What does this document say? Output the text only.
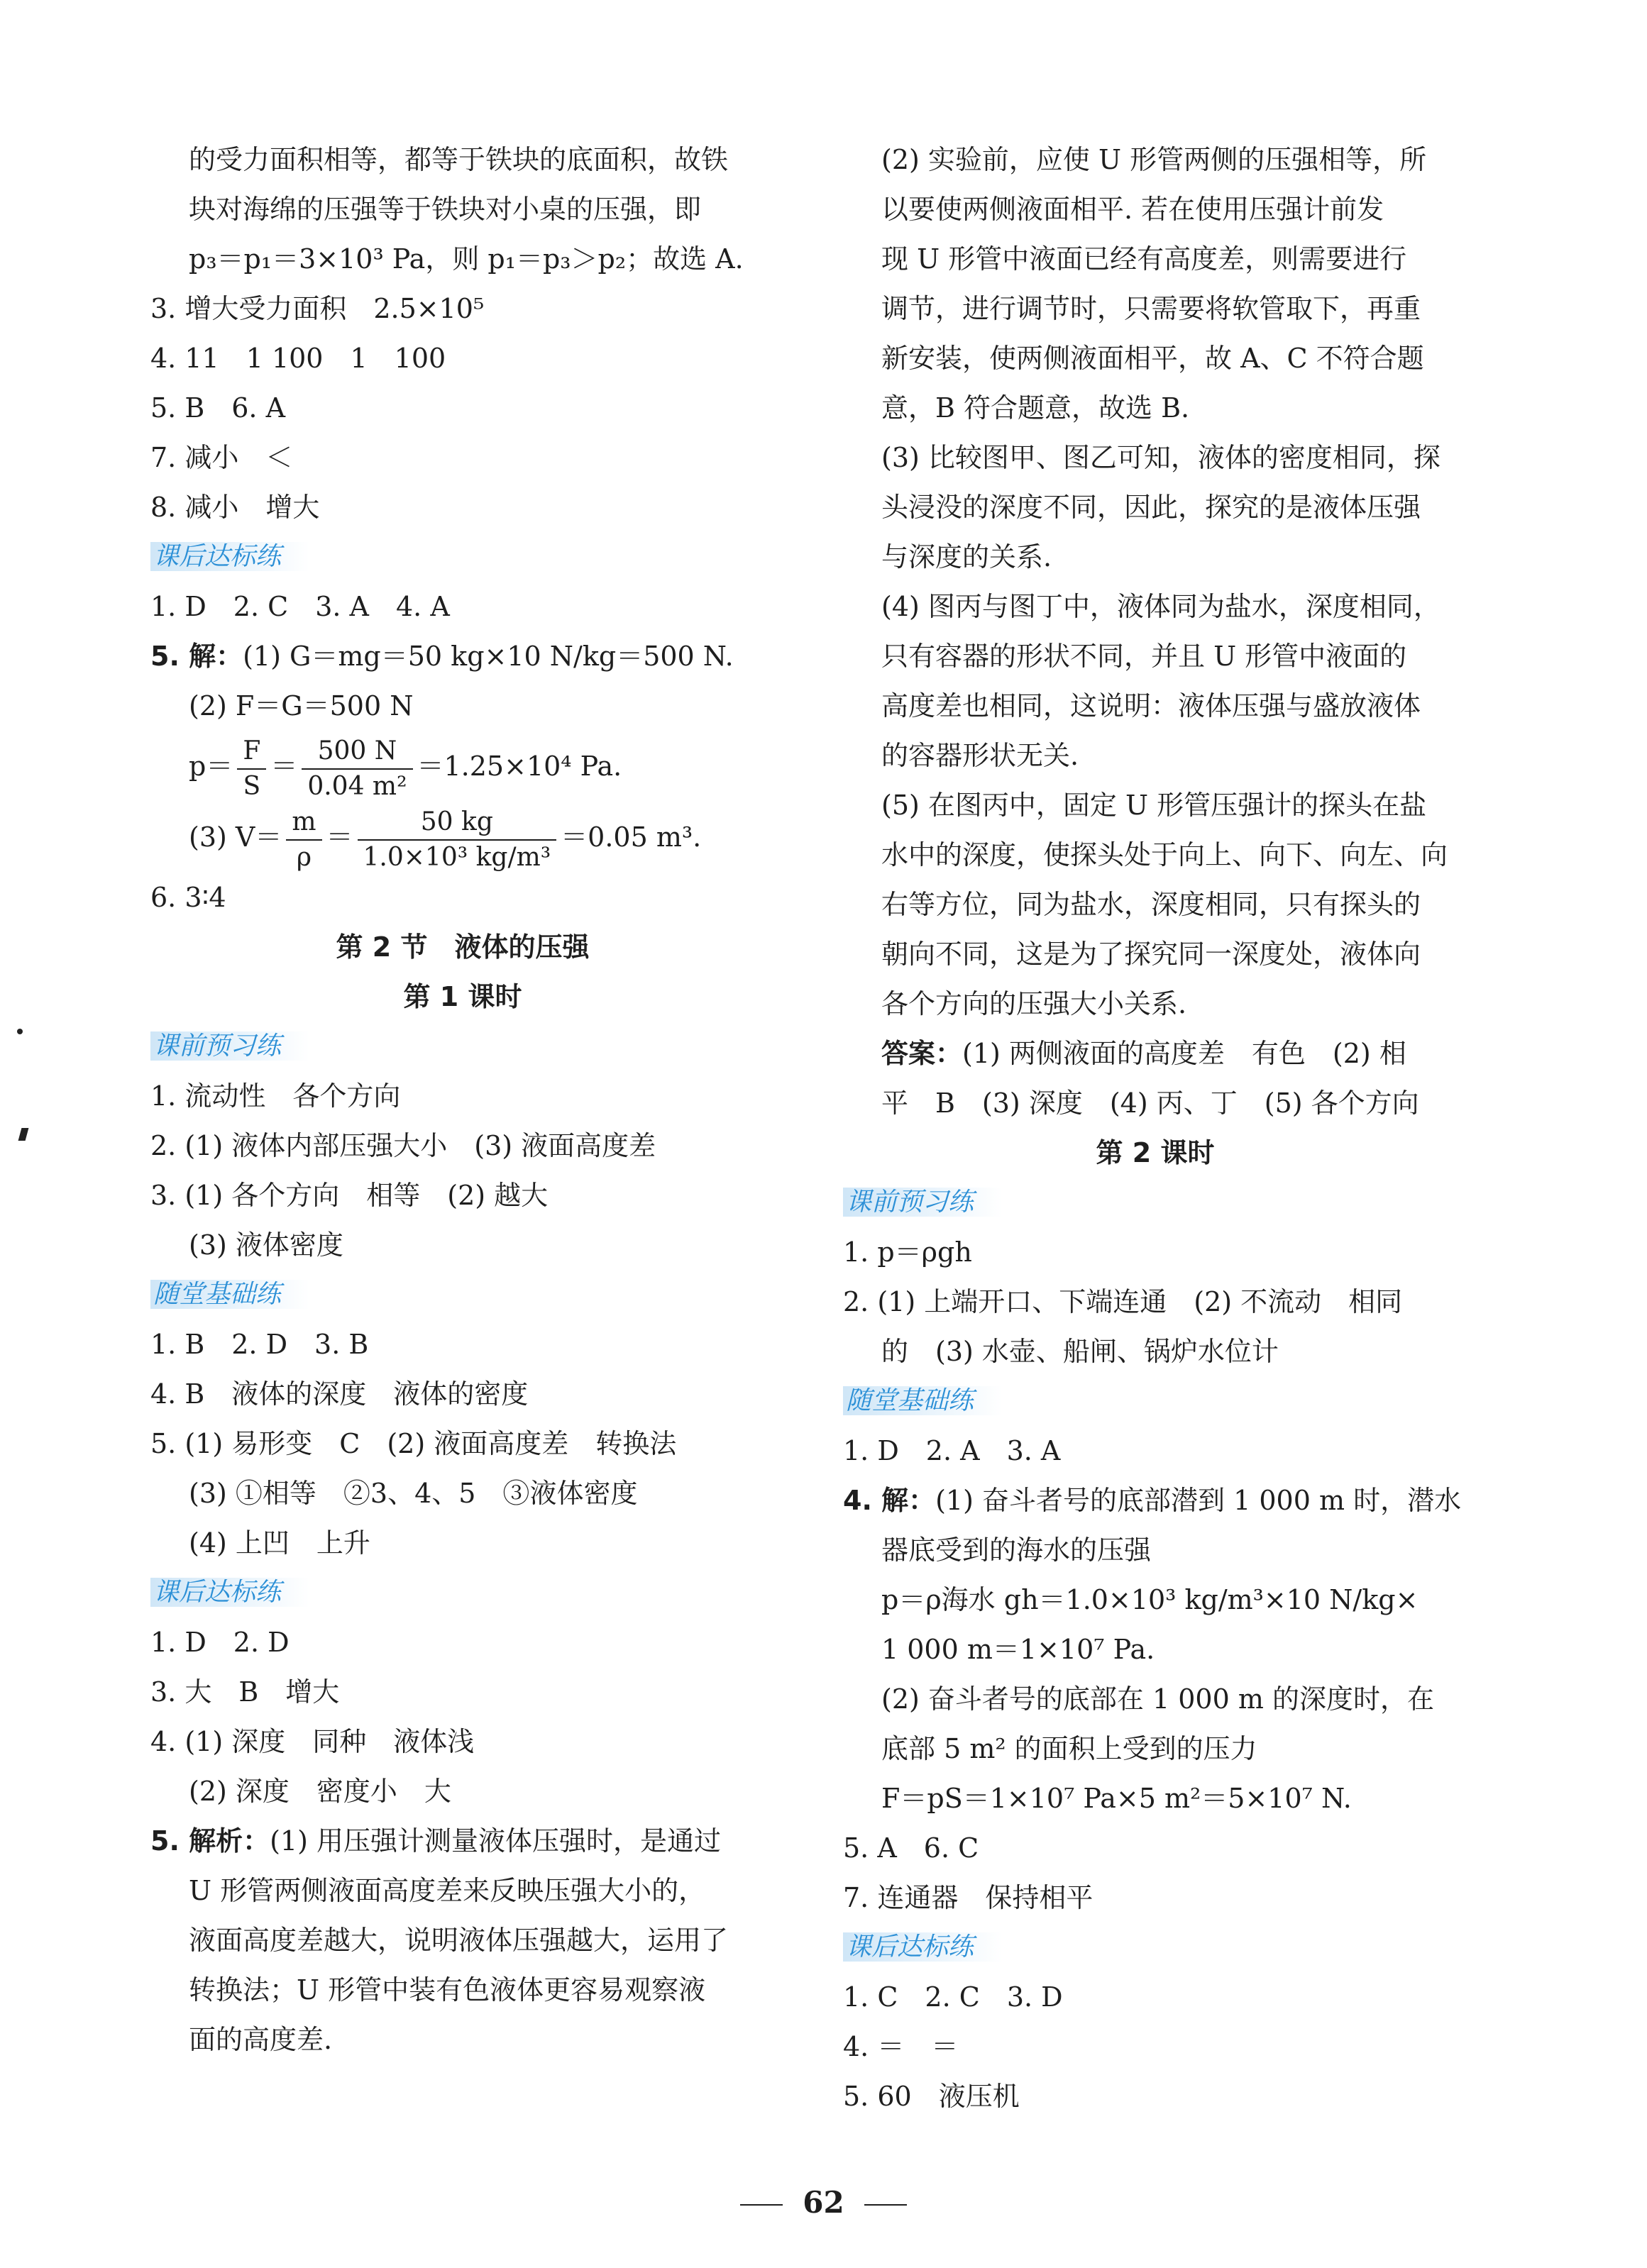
的受力面积相等，都等于铁块的底面积，故铁
块对海绵的压强等于铁块对小桌的压强，即
p₃＝p₁＝3×10³ Pa，则 p₁＝p₃＞p₂；故选 A.
3. 增大受力面积　2.5×10⁵
4. 11　1 100　1　100
5. B　6. A
7. 减小　＜
8. 减小　增大
课后达标练
1. D　2. C　3. A　4. A
5. 解：(1) G＝mg＝50 kg×10 N/kg＝500 N.
(2) F＝G＝500 N
$p= \frac{F}{S} = \frac{500 N}{\text{0.04 m²}} =1.25\times 10^4$ Pa.
(3) $V= \frac{m}{\rho} = \frac{50 kg}{\text{1.0×10³ kg/m³}} =0.05$ m³.
6. 3∶4
第 2 节　液体的压强
第 1 课时
课前预习练
1. 流动性　各个方向
2. (1) 液体内部压强大小　(3) 液面高度差
3. (1) 各个方向　相等　(2) 越大
(3) 液体密度
随堂基础练
1. B　2. D　3. B
4. B　液体的深度　液体的密度
5. (1) 易形变　C　(2) 液面高度差　转换法
(3) ①相等　②3、4、5　③液体密度
(4) 上凹　上升
课后达标练
1. D　2. D
3. 大　B　增大
4. (1) 深度　同种　液体浅
(2) 深度　密度小　大
5. 解析：(1) 用压强计测量液体压强时，是通过
U 形管两侧液面高度差来反映压强大小的，
液面高度差越大，说明液体压强越大，运用了
转换法；U 形管中装有色液体更容易观察液
面的高度差.
(2) 实验前，应使 U 形管两侧的压强相等，所
以要使两侧液面相平. 若在使用压强计前发
现 U 形管中液面已经有高度差，则需要进行
调节，进行调节时，只需要将软管取下，再重
新安装，使两侧液面相平，故 A、C 不符合题
意，B 符合题意，故选 B.
(3) 比较图甲、图乙可知，液体的密度相同，探
头浸没的深度不同，因此，探究的是液体压强
与深度的关系.
(4) 图丙与图丁中，液体同为盐水，深度相同，
只有容器的形状不同，并且 U 形管中液面的
高度差也相同，这说明：液体压强与盛放液体
的容器形状无关.
(5) 在图丙中，固定 U 形管压强计的探头在盐
水中的深度，使探头处于向上、向下、向左、向
右等方位，同为盐水，深度相同，只有探头的
朝向不同，这是为了探究同一深度处，液体向
各个方向的压强大小关系.
答案：(1) 两侧液面的高度差　有色　(2) 相
平　B　(3) 深度　(4) 丙、丁　(5) 各个方向
第 2 课时
课前预习练
1. p＝ρgh
2. (1) 上端开口、下端连通　(2) 不流动　相同
的　(3) 水壶、船闸、锅炉水位计
随堂基础练
1. D　2. A　3. A
4. 解：(1) 奋斗者号的底部潜到 1 000 m 时，潜水
器底受到的海水的压强
p＝ρ海水 gh＝1.0×10³ kg/m³×10 N/kg×
1 000 m＝1×10⁷ Pa.
(2) 奋斗者号的底部在 1 000 m 的深度时，在
底部 5 m² 的面积上受到的压力
F＝pS＝1×10⁷ Pa×5 m²＝5×10⁷ N.
5. A　6. C
7. 连通器　保持相平
课后达标练
1. C　2. C　3. D
4. ＝　＝
5. 60　液压机
62
